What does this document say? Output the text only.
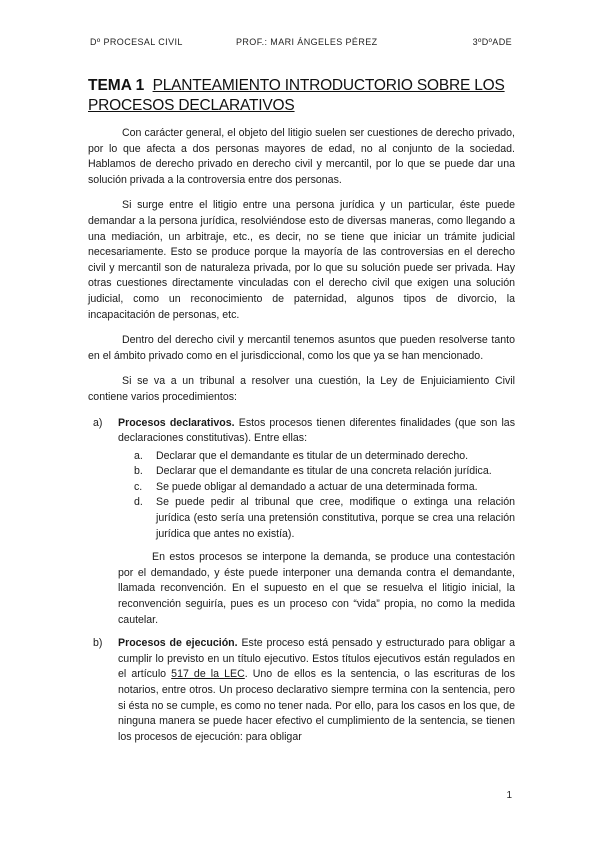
Dº PROCESAL CIVIL	PROF.: MARI ÁNGELES PÉREZ	3ºDºADE
TEMA 1 PLANTEAMIENTO INTRODUCTORIO SOBRE LOS PROCESOS DECLARATIVOS

Con carácter general, el objeto del litigio suelen ser cuestiones de derecho privado, por lo que afecta a dos personas mayores de edad, no al conjunto de la sociedad. Hablamos de derecho privado en derecho civil y mercantil, por lo que se puede dar una solución privada a la controversia entre dos personas.

Si surge entre el litigio entre una persona jurídica y un particular, éste puede demandar a la persona jurídica, resolviéndose esto de diversas maneras, como llegando a una mediación, un arbitraje, etc., es decir, no se tiene que iniciar un trámite judicial necesariamente. Esto se produce porque la mayoría de las controversias en el derecho civil y mercantil son de naturaleza privada, por lo que su solución puede ser privada. Hay otras cuestiones directamente vinculadas con el derecho civil que exigen una solución judicial, como un reconocimiento de paternidad, algunos tipos de divorcio, la incapacitación de personas, etc.

Dentro del derecho civil y mercantil tenemos asuntos que pueden resolverse tanto en el ámbito privado como en el jurisdiccional, como los que ya se han mencionado.

Si se va a un tribunal a resolver una cuestión, la Ley de Enjuiciamiento Civil contiene varios procedimientos:

a) Procesos declarativos. Estos procesos tienen diferentes finalidades (que son las declaraciones constitutivas). Entre ellas:
a. Declarar que el demandante es titular de un determinado derecho.
b. Declarar que el demandante es titular de una concreta relación jurídica.
c. Se puede obligar al demandado a actuar de una determinada forma.
d. Se puede pedir al tribunal que cree, modifique o extinga una relación jurídica (esto sería una pretensión constitutiva, porque se crea una relación jurídica que antes no existía).

En estos procesos se interpone la demanda, se produce una contestación por el demandado, y éste puede interponer una demanda contra el demandante, llamada reconvención. En el supuesto en el que se resuelva el litigio inicial, la reconvención seguiría, pues es un proceso con “vida” propia, no como la medida cautelar.

b) Procesos de ejecución. Este proceso está pensado y estructurado para obligar a cumplir lo previsto en un título ejecutivo. Estos títulos ejecutivos están regulados en el artículo 517 de la LEC. Uno de ellos es la sentencia, o las escrituras de los notarios, entre otros. Un proceso declarativo siempre termina con la sentencia, pero si ésta no se cumple, es como no tener nada. Por ello, para los casos en los que, de ninguna manera se puede hacer efectivo el cumplimiento de la sentencia, se tienen los procesos de ejecución: para obligar
1
